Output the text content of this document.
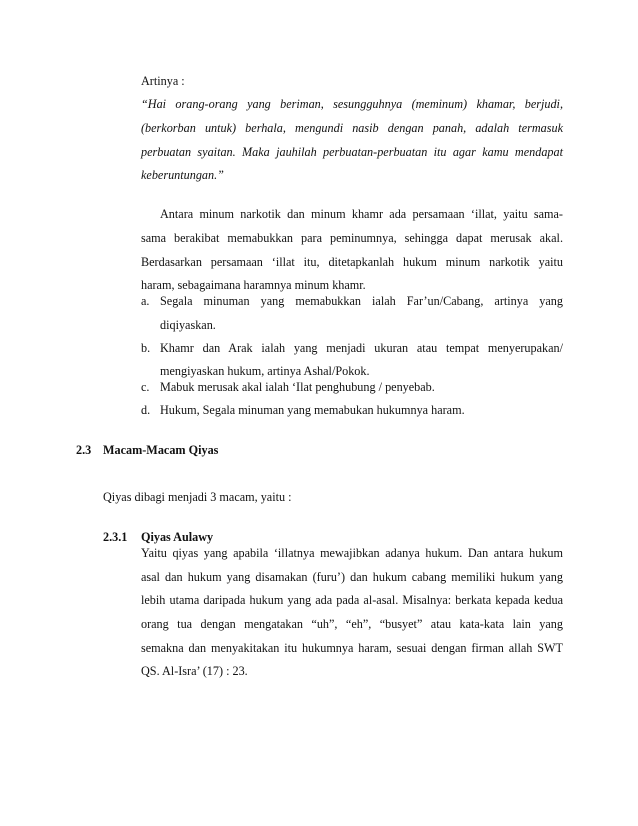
Artinya :
“Hai orang-orang yang beriman, sesungguhnya (meminum) khamar, berjudi,
(berkorban untuk) berhala, mengundi nasib dengan panah, adalah termasuk
perbuatan syaitan. Maka jauhilah perbuatan-perbuatan itu agar kamu mendapat
keberuntungan.”
Antara minum narkotik dan minum khamr ada persamaan ‘illat, yaitu sama-
sama berakibat memabukkan para peminumnya, sehingga dapat merusak akal.
Berdasarkan persamaan ‘illat itu, ditetapkanlah hukum minum narkotik yaitu
haram, sebagaimana haramnya minum khamr.
a. Segala minuman yang memabukkan ialah Far’un/Cabang, artinya yang
diqiyaskan.
b. Khamr dan Arak ialah yang menjadi ukuran atau tempat menyerupakan/
mengiyaskan hukum, artinya Ashal/Pokok.
c. Mabuk merusak akal ialah ‘Ilat penghubung / penyebab.
d. Hukum, Segala minuman yang memabukan hukumnya haram.
2.3 Macam-Macam Qiyas
Qiyas dibagi menjadi 3 macam, yaitu :
2.3.1 Qiyas Aulawy
Yaitu qiyas yang apabila ‘illatnya mewajibkan adanya hukum. Dan antara hukum
asal dan hukum yang disamakan (furu’) dan hukum cabang memiliki hukum yang
lebih utama daripada hukum yang ada pada al-asal. Misalnya: berkata kepada kedua
orang tua dengan mengatakan “uh”, “eh”, “busyet” atau kata-kata lain yang
semakna dan menyakitakan itu hukumnya haram, sesuai dengan firman allah SWT
QS. Al-Isra’ (17) : 23.
